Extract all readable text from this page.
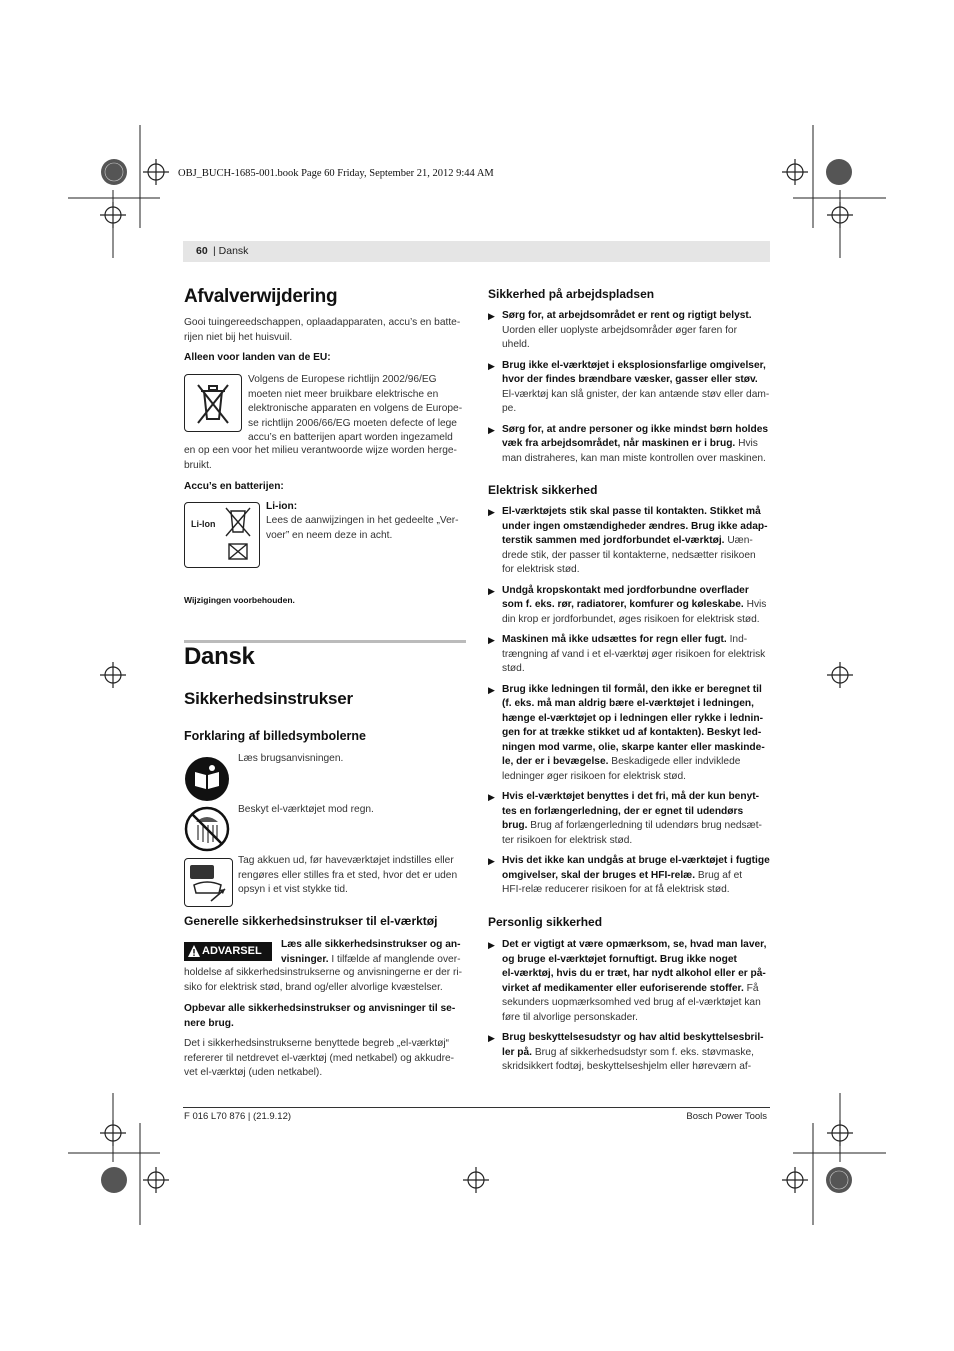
OBJ_BUCH-1685-001.book Page 60 Friday, September 21, 2012 9:44 AM
60 | Dansk
Afvalverwijdering
Gooi tuingereedschappen, oplaadapparaten, accu’s en batte-
rijen niet bij het huisvuil.
Alleen voor landen van de EU:
Volgens de Europese richtlijn 2002/96/EG
moeten niet meer bruikbare elektrische en
elektronische apparaten en volgens de Europe-
se richtlijn 2006/66/EG moeten defecte of lege
accu’s en batterijen apart worden ingezameld
en op een voor het milieu verantwoorde wijze worden herge-
bruikt.
Accu’s en batterijen:
Li-Ion
Li-ion:
Lees de aanwijzingen in het gedeelte „Ver-
voer” en neem deze in acht.
Wijzigingen voorbehouden.
Dansk
Sikkerhedsinstrukser
Forklaring af billedsymbolerne
Læs brugsanvisningen.
Beskyt el-værktøjet mod regn.
Tag akkuen ud, før haveværktøjet indstilles eller
rengøres eller stilles fra et sted, hvor det er uden
opsyn i et vist stykke tid.
Generelle sikkerhedsinstrukser til el-værktøj
ADVARSEL
Læs alle sikkerhedsinstrukser og an-
visninger. I tilfælde af manglende over-
holdelse af sikkerhedsinstrukserne og anvisningerne er der ri-
siko for elektrisk stød, brand og/eller alvorlige kvæstelser.
Opbevar alle sikkerhedsinstrukser og anvisninger til se-
nere brug.
Det i sikkerhedsinstrukserne benyttede begreb „el-værktøj“
refererer til netdrevet el-værktøj (med netkabel) og akkudre-
vet el-værktøj (uden netkabel).
Sikkerhed på arbejdspladsen
▶ Sørg for, at arbejdsområdet er rent og rigtigt belyst.
Uorden eller uoplyste arbejdsområder øger faren for
uheld.
▶ Brug ikke el-værktøjet i eksplosionsfarlige omgivelser,
hvor der findes brændbare væsker, gasser eller støv.
El-værktøj kan slå gnister, der kan antænde støv eller dam-
pe.
▶ Sørg for, at andre personer og ikke mindst børn holdes
væk fra arbejdsområdet, når maskinen er i brug. Hvis
man distraheres, kan man miste kontrollen over maskinen.
Elektrisk sikkerhed
▶ El-værktøjets stik skal passe til kontakten. Stikket må
under ingen omstændigheder ændres. Brug ikke adap-
terstik sammen med jordforbundet el-værktøj. Uæn-
drede stik, der passer til kontakterne, nedsætter risikoen
for elektrisk stød.
▶ Undgå kropskontakt med jordforbundne overflader
som f. eks. rør, radiatorer, komfurer og køleskabe. Hvis
din krop er jordforbundet, øges risikoen for elektrisk stød.
▶ Maskinen må ikke udsættes for regn eller fugt. Ind-
trængning af vand i et el-værktøj øger risikoen for elektrisk
stød.
▶ Brug ikke ledningen til formål, den ikke er beregnet til
(f. eks. må man aldrig bære el-værktøjet i ledningen,
hænge el-værktøjet op i ledningen eller rykke i lednin-
gen for at trække stikket ud af kontakten). Beskyt led-
ningen mod varme, olie, skarpe kanter eller maskinde-
le, der er i bevægelse. Beskadigede eller indviklede
ledninger øger risikoen for elektrisk stød.
▶ Hvis el-værktøjet benyttes i det fri, må der kun benyt-
tes en forlængerledning, der er egnet til udendørs
brug. Brug af forlængerledning til udendørs brug nedsæt-
ter risikoen for elektrisk stød.
▶ Hvis det ikke kan undgås at bruge el-værktøjet i fugtige
omgivelser, skal der bruges et HFI-relæ. Brug af et
HFI-relæ reducerer risikoen for at få elektrisk stød.
Personlig sikkerhed
▶ Det er vigtigt at være opmærksom, se, hvad man laver,
og bruge el-værktøjet fornuftigt. Brug ikke noget
el-værktøj, hvis du er træt, har nydt alkohol eller er på-
virket af medikamenter eller euforiserende stoffer. Få
sekunders uopmærksomhed ved brug af el-værktøjet kan
føre til alvorlige personskader.
▶ Brug beskyttelsesudstyr og hav altid beskyttelsesbril-
ler på. Brug af sikkerhedsudstyr som f. eks. støvmaske,
skridsikkert fodtøj, beskyttelseshjelm eller høreværn af-
F 016 L70 876 | (21.9.12)	Bosch Power Tools
